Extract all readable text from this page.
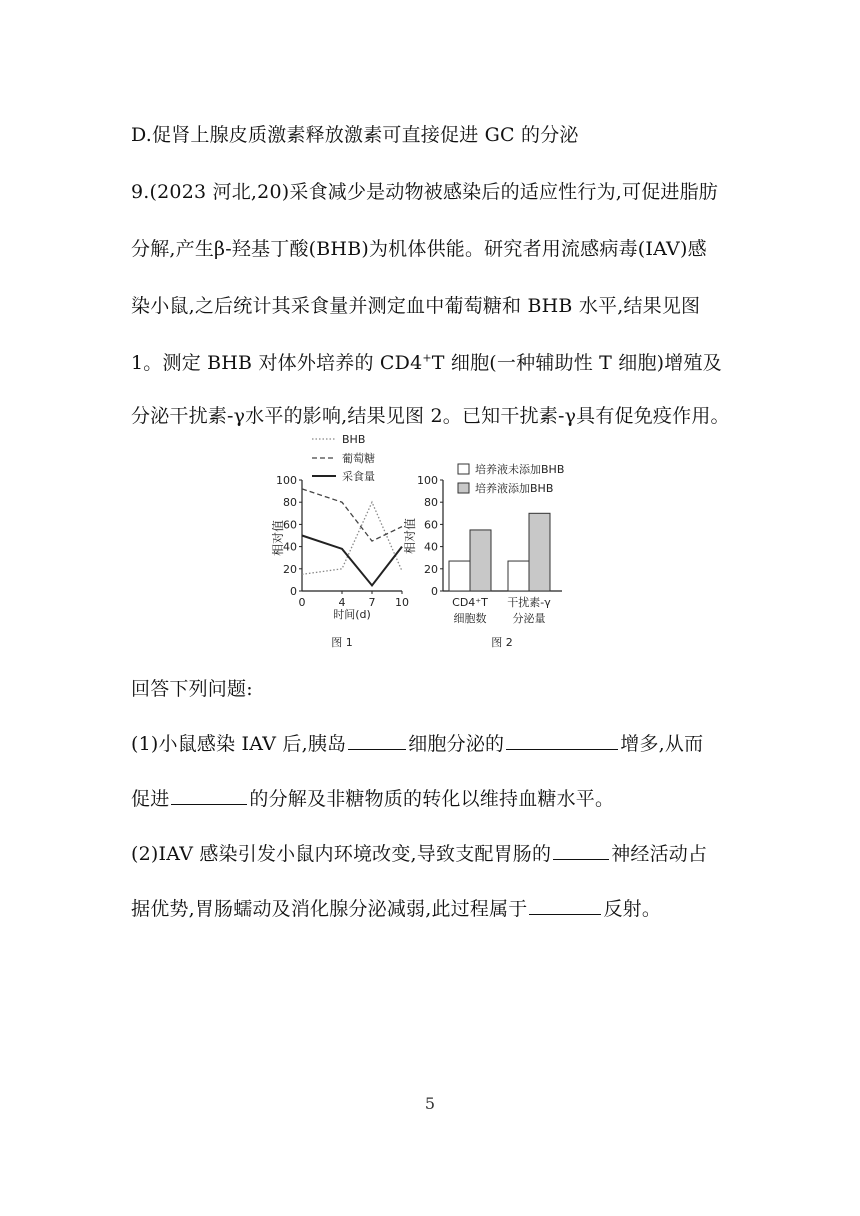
D.促肾上腺皮质激素释放激素可直接促进 GC 的分泌
9.(2023 河北,20)采食减少是动物被感染后的适应性行为,可促进脂肪
分解,产生β-羟基丁酸(BHB)为机体供能。研究者用流感病毒(IAV)感
染小鼠,之后统计其采食量并测定血中葡萄糖和 BHB 水平,结果见图
1。测定 BHB 对体外培养的 CD4+T 细胞(一种辅助性 T 细胞)增殖及
分泌干扰素-γ水平的影响,结果见图 2。已知干扰素-γ具有促免疫作用。
BHB
葡萄糖
采食量
相对值
时间(d)
图 1
0
20
40
60
80
100
0	4 7 10
培养液未添加BHB
培养液添加BHB
相对值
图 2
0
20
40
60
80
100
CD4⁺T
细胞数
干扰素-γ
分泌量
回答下列问题:
(1)小鼠感染 IAV 后,胰岛	细胞分泌的	增多,从而
促进	的分解及非糖物质的转化以维持血糖水平。
(2)IAV 感染引发小鼠内环境改变,导致支配胃肠的	神经活动占
据优势,胃肠蠕动及消化腺分泌减弱,此过程属于	反射。
5
